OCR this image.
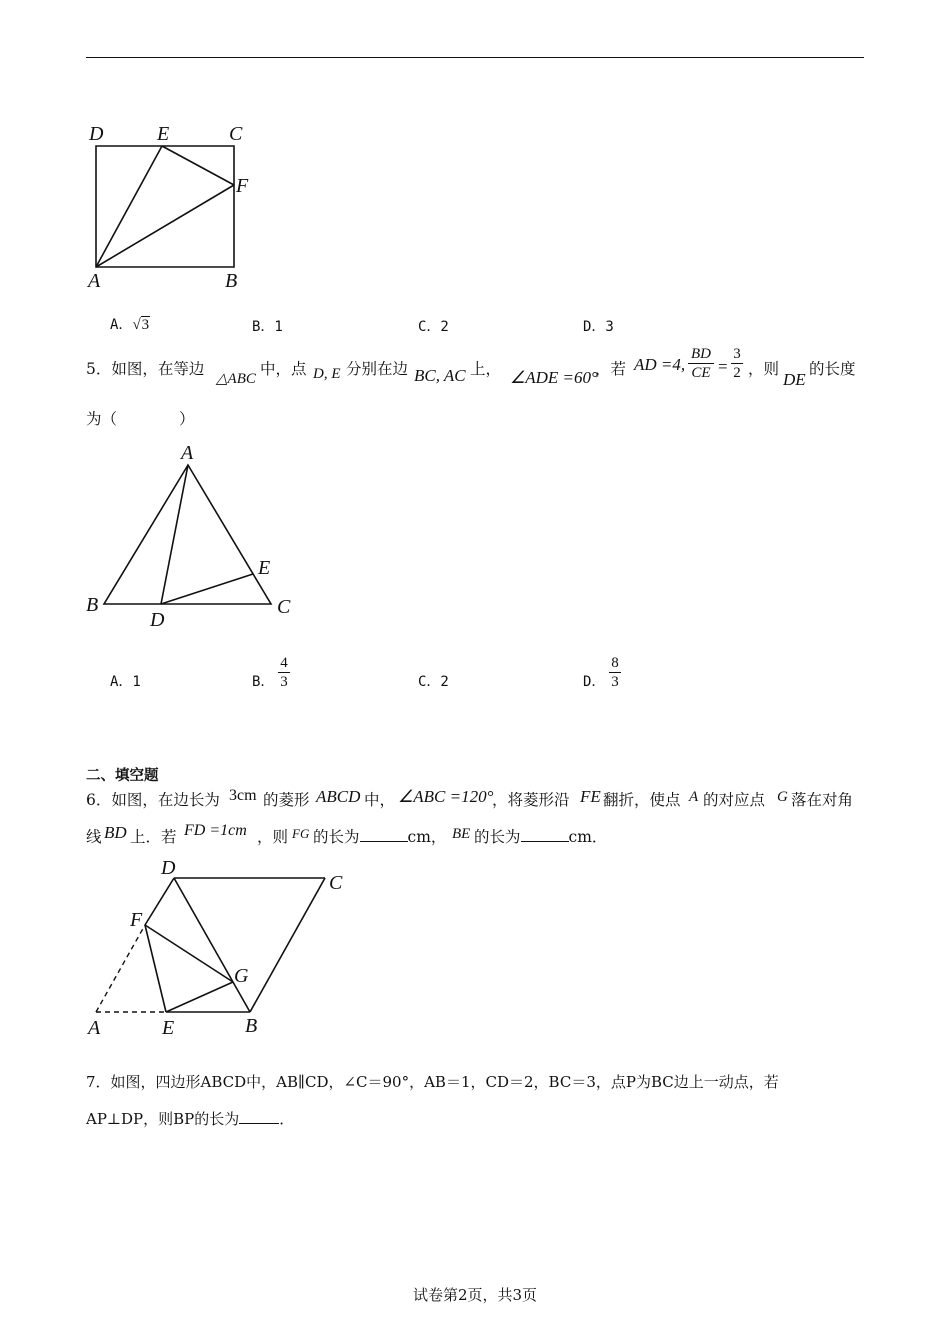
D	E	C
F
A	B
A．√3	B．1	C．2	D．3
5．如图，在等边
△ABC
中，点 D, E 分别在边 BC, AC 上， ∠ADE =60°
，若 AD =4,
BD
CE =
3
2 ，则
DE
的长度
为（　　　　）
A
E
B
D
C
A．1	B．
4
3	C．2	D．
8
3
二、填空题
6．如图，在边长为 3cm 的菱形 ABCD 中， ∠ABC =120°
，将菱形沿 FE 翻折，使点 A 的对应点 G 落在对角
线 BD 上．若 FD =1cm ，则 FG 的长为	cm， BE 的长为	cm．
D
C
F
G
A	E	B
7．如图，四边形ABCD中，AB∥CD，∠C＝90°，AB＝1，CD＝2，BC＝3，点P为BC边上一动点，若
AP⊥DP，则BP的长为	．
试卷第2页，共3页
